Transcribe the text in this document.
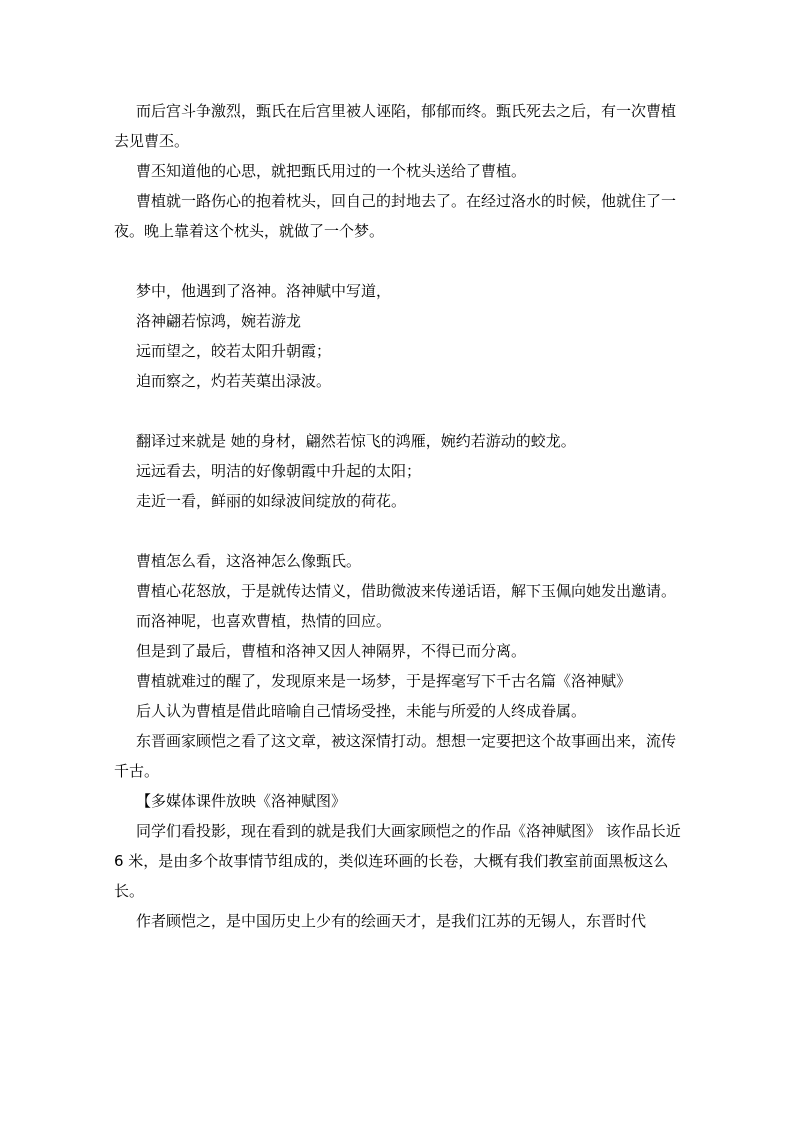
而后宫斗争激烈，甄氏在后宫里被人诬陷，郁郁而终。甄氏死去之后，有一次曹植去见曹丕。

曹丕知道他的心思，就把甄氏用过的一个枕头送给了曹植。

曹植就一路伤心的抱着枕头，回自己的封地去了。在经过洛水的时候，他就住了一夜。晚上靠着这个枕头，就做了一个梦。

梦中，他遇到了洛神。洛神赋中写道，

洛神翩若惊鸿，婉若游龙

远而望之，皎若太阳升朝霞；

迫而察之，灼若芙蕖出渌波。

翻译过来就是 她的身材，翩然若惊飞的鸿雁，婉约若游动的蛟龙。

远远看去，明洁的好像朝霞中升起的太阳；

走近一看，鲜丽的如绿波间绽放的荷花。

曹植怎么看，这洛神怎么像甄氏。

曹植心花怒放，于是就传达情义，借助微波来传递话语，解下玉佩向她发出邀请。

而洛神呢，也喜欢曹植，热情的回应。

但是到了最后，曹植和洛神又因人神隔界，不得已而分离。

曹植就难过的醒了，发现原来是一场梦，于是挥毫写下千古名篇《洛神赋》

后人认为曹植是借此暗喻自己情场受挫，未能与所爱的人终成眷属。

东晋画家顾恺之看了这文章，被这深情打动。想想一定要把这个故事画出来，流传千古。

【多媒体课件放映《洛神赋图》

同学们看投影，现在看到的就是我们大画家顾恺之的作品《洛神赋图》 该作品长近 6 米，是由多个故事情节组成的，类似连环画的长卷，大概有我们教室前面黑板这么长。

作者顾恺之，是中国历史上少有的绘画天才，是我们江苏的无锡人，东晋时代
